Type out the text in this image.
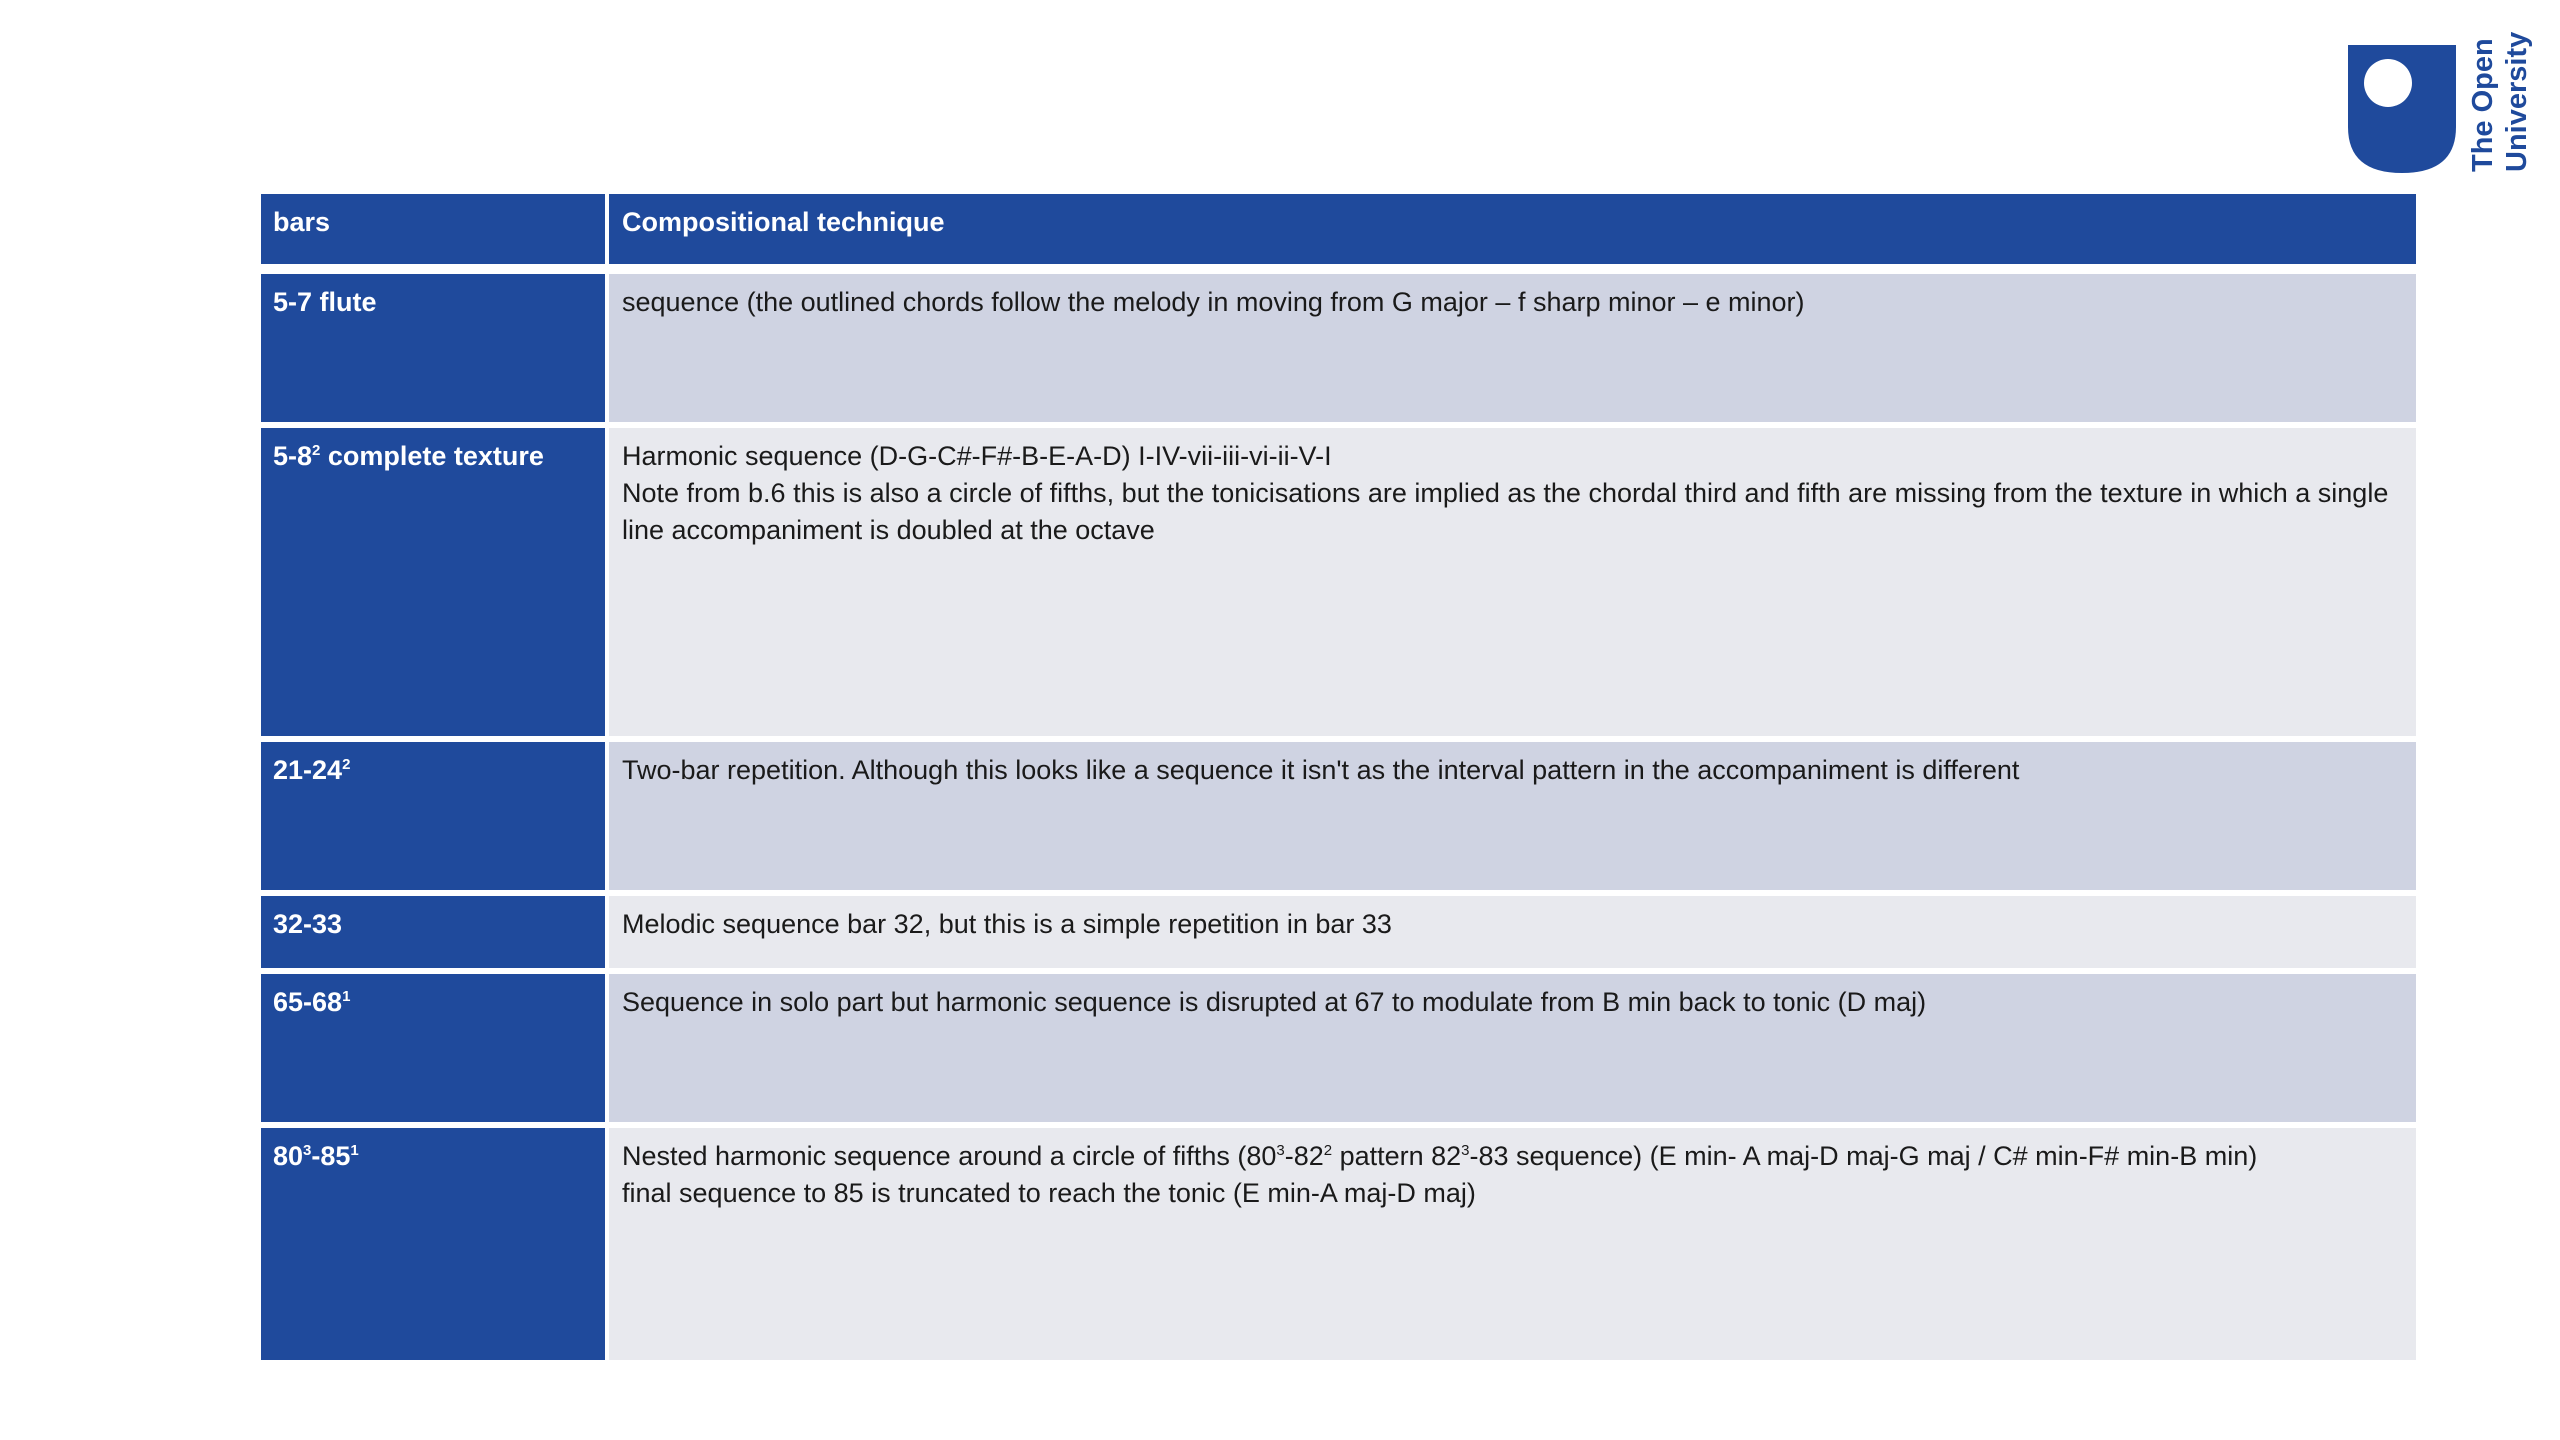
The Open University
bars	Compositional technique
5-7 flute	sequence (the outlined chords follow the melody in moving from G major – f sharp minor – e minor)
$5-8^2$ complete texture	Harmonic sequence (D-G-C#-F#-B-E-A-D) I-IV-vii-iii-vi-ii-V-I
Note from b.6 this is also a circle of fifths, but the tonicisations are implied as the chordal third and fifth are missing from the texture in which a single line accompaniment is doubled at the octave
$21-24^2$	Two-bar repetition. Although this looks like a sequence it isn't as the interval pattern in the accompaniment is different
32-33	Melodic sequence bar 32, but this is a simple repetition in bar 33
$65-68^1$	Sequence in solo part but harmonic sequence is disrupted at 67 to modulate from B min back to tonic (D maj)
$80^3-85^1$	Nested harmonic sequence around a circle of fifths ($80^3-82^2$ pattern $82^3-83$ sequence) (E min- A maj-D maj-G maj / C# min-F# min-B min)
final sequence to 85 is truncated to reach the tonic (E min-A maj-D maj)
